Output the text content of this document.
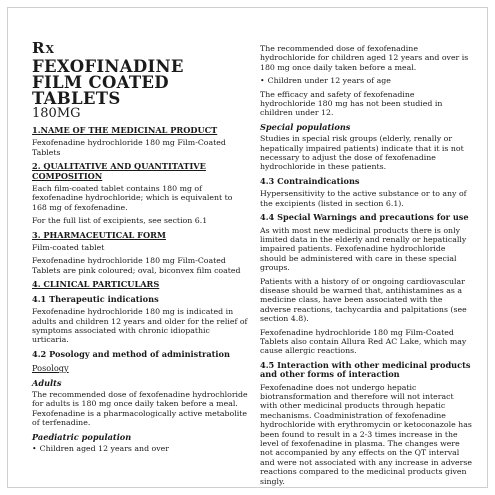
RX
FEXOFINADINE
FILM COATED
TABLETS
180MG
1.NAME OF THE MEDICINAL PRODUCT

Fexofenadine hydrochloride 180 mg Film-Coated Tablets

2. QUALITATIVE AND QUANTITATIVE COMPOSITION

Each film-coated tablet contains 180 mg of fexofenadine hydrochloride; which is equivalent to 168 mg of fexofenadine.

For the full list of excipients, see section 6.1

3. PHARMACEUTICAL FORM

Film-coated tablet

Fexofenadine hydrochloride 180 mg Film-Coated Tablets are pink coloured; oval, biconvex film coated

4. CLINICAL PARTICULARS
4.1 Therapeutic indications

Fexofenadine hydrochloride 180 mg is indicated in adults and children 12 years and older for the relief of symptoms associated with chronic idiopathic urticaria.

4.2 Posology and method of administration
Posology
Adults

The recommended dose of fexofenadine hydrochloride for adults is 180 mg once daily taken before a meal. Fexofenadine is a pharmacologically active metabolite of terfenadine.

Paediatric population
• Children aged 12 years and over

The recommended dose of fexofenadine hydrochloride for children aged 12 years and over is 180 mg once daily taken before a meal.

• Children under 12 years of age

The efficacy and safety of fexofenadine hydrochloride 180 mg has not been studied in children under 12.

Special populations

Studies in special risk groups (elderly, renally or hepatically impaired patients) indicate that it is not necessary to adjust the dose of fexofenadine hydrochloride in these patients.

4.3 Contraindications

Hypersensitivity to the active substance or to any of the excipients (listed in section 6.1).

4.4 Special Warnings and precautions for use

As with most new medicinal products there is only limited data in the elderly and renally or hepatically impaired patients. Fexofenadine hydrochloride should be administered with care in these special groups.

Patients with a history of or ongoing cardiovascular disease should be warned that, antihistamines as a medicine class, have been associated with the adverse reactions, tachycardia and palpitations (see section 4.8).

Fexofenadine hydrochloride 180 mg Film-Coated Tablets also contain Allura Red AC Lake, which may cause allergic reactions.

4.5 Interaction with other medicinal products and other forms of interaction

Fexofenadine does not undergo hepatic biotransformation and therefore will not interact with other medicinal products through hepatic mechanisms. Coadministration of fexofenadine hydrochloride with erythromycin or ketoconazole has been found to result in a 2-3 times increase in the level of fexofenadine in plasma. The changes were not accompanied by any effects on the QT interval and were not associated with any increase in adverse reactions compared to the medicinal products given singly.
